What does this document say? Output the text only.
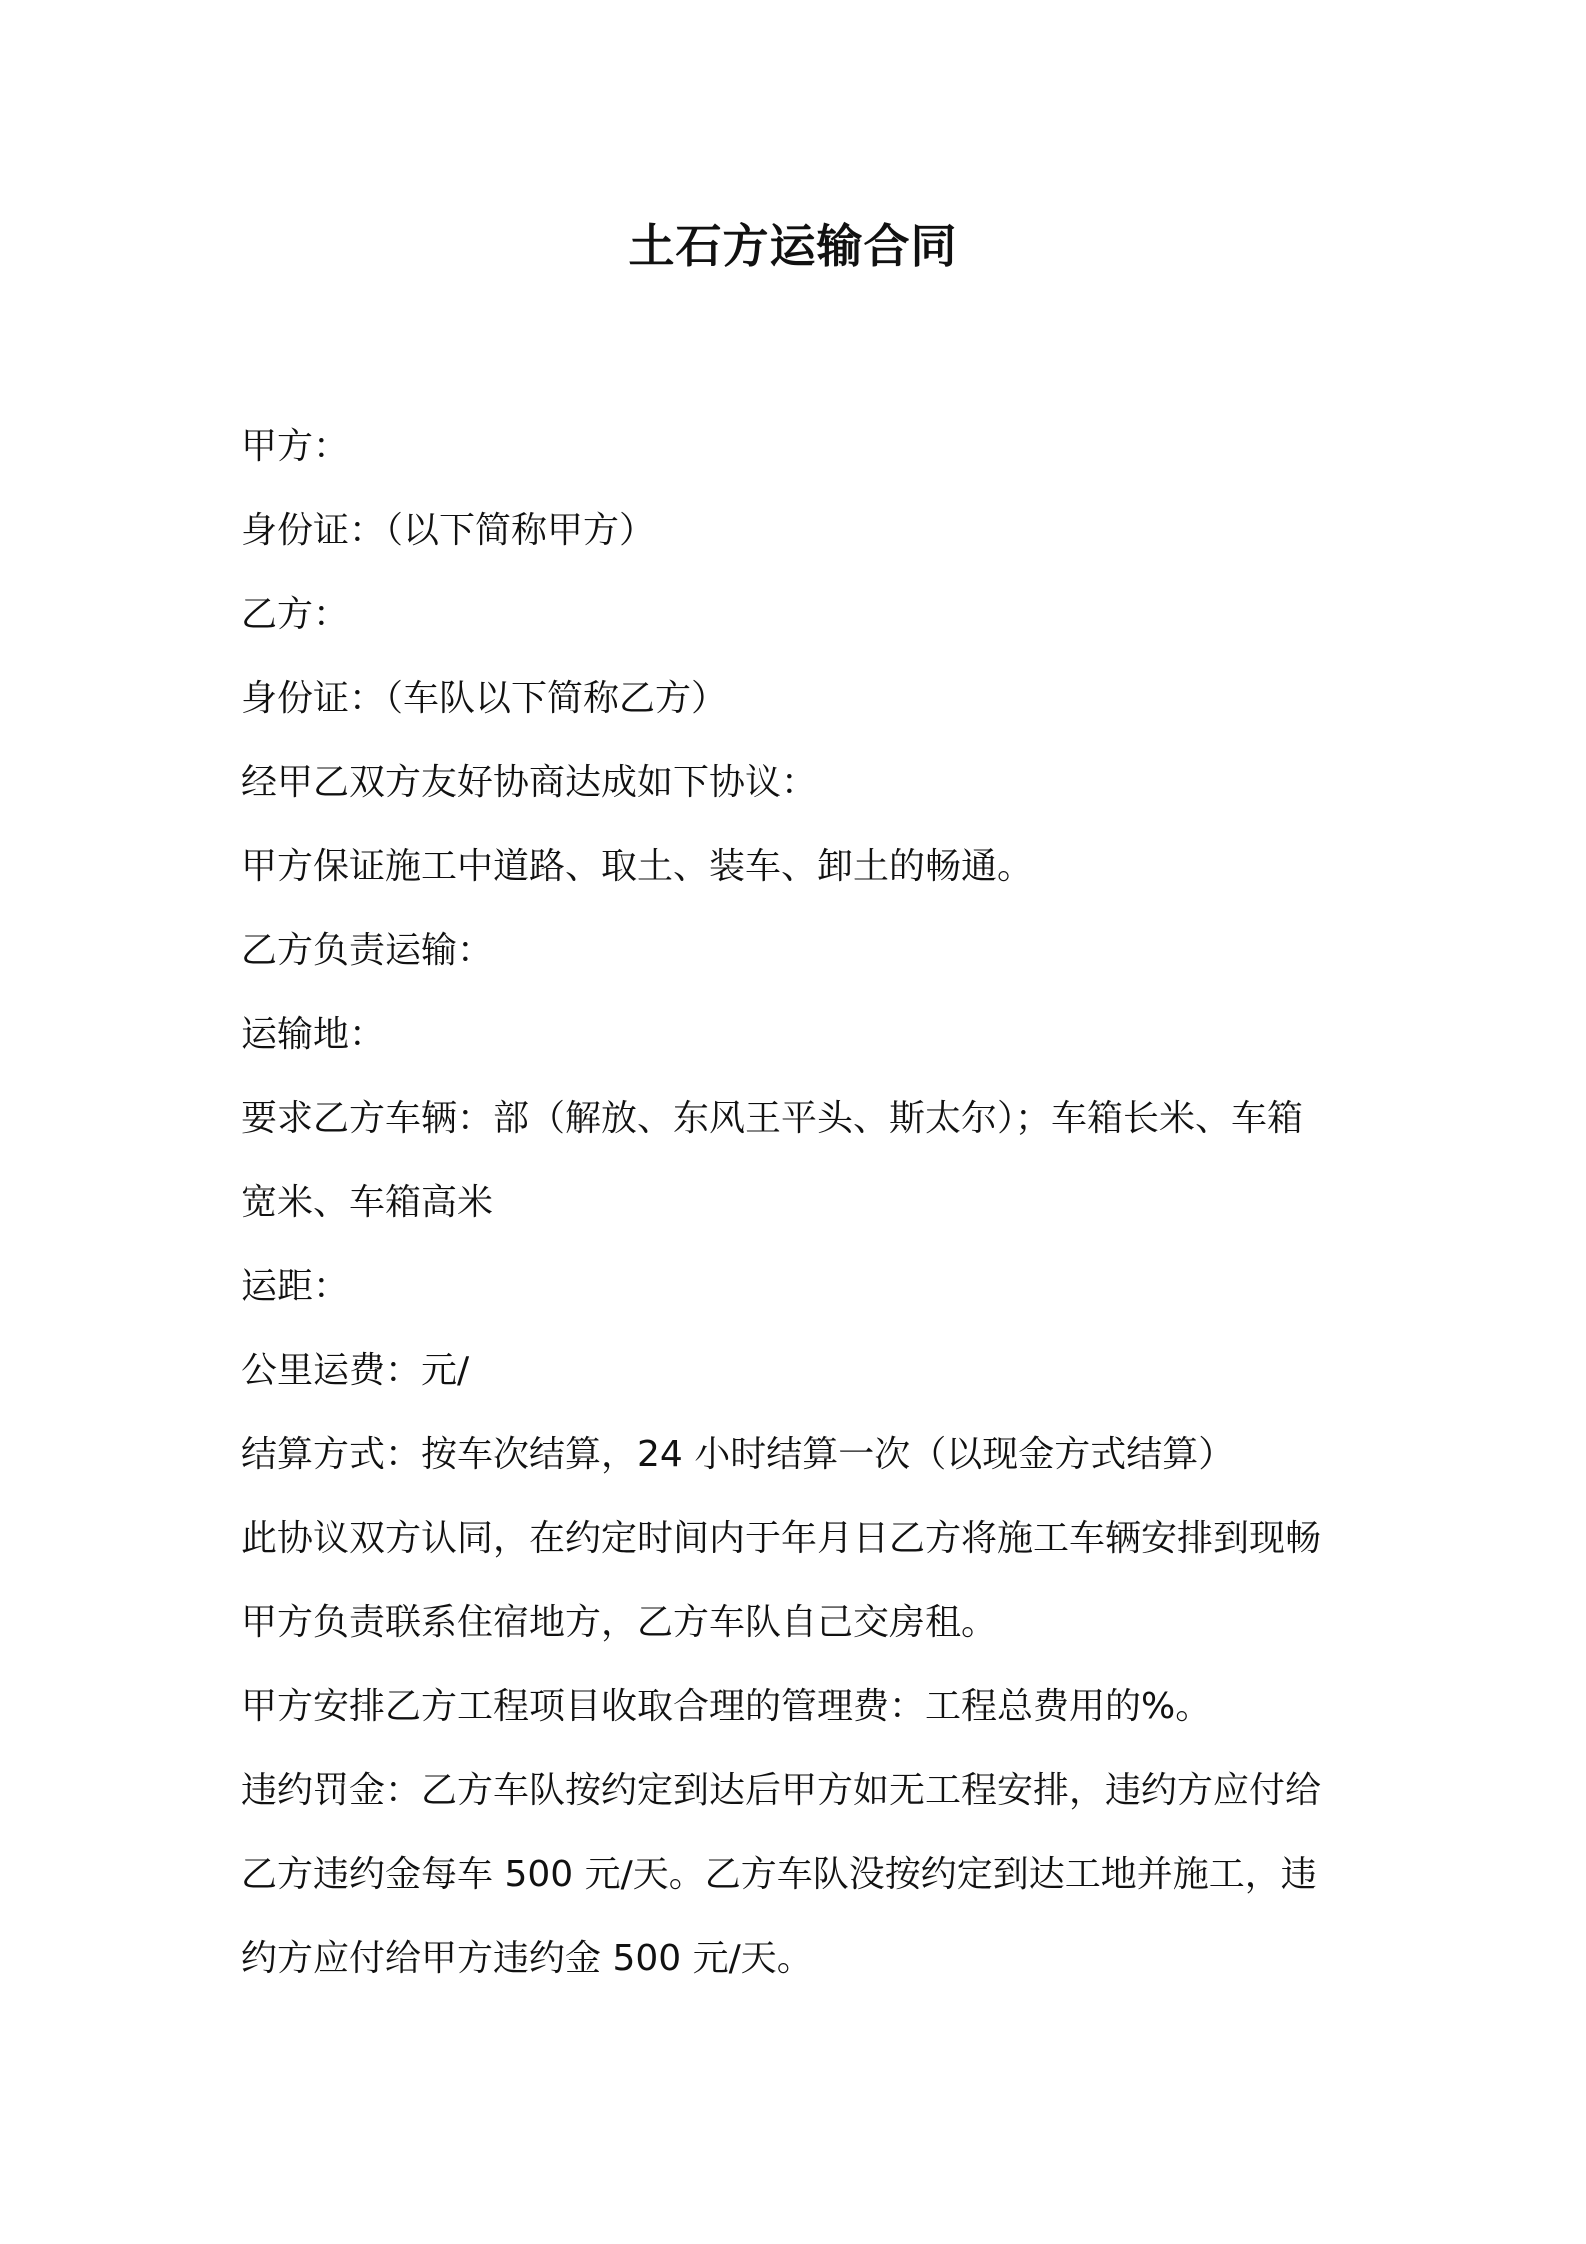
土石方运输合同
甲方：
身份证：（以下简称甲方）
乙方：
身份证：（车队以下简称乙方）
经甲乙双方友好协商达成如下协议：
甲方保证施工中道路、取土、装车、卸土的畅通。
乙方负责运输：
运输地：
要求乙方车辆：部（解放、东风王平头、斯太尔）；车箱长米、车箱
宽米、车箱高米
运距：
公里运费：元/
结算方式：按车次结算，24 小时结算一次（以现金方式结算）
此协议双方认同，在约定时间内于年月日乙方将施工车辆安排到现畅
甲方负责联系住宿地方，乙方车队自己交房租。
甲方安排乙方工程项目收取合理的管理费：工程总费用的%。
违约罚金：乙方车队按约定到达后甲方如无工程安排，违约方应付给
乙方违约金每车 500 元/天。乙方车队没按约定到达工地并施工，违
约方应付给甲方违约金 500 元/天。
